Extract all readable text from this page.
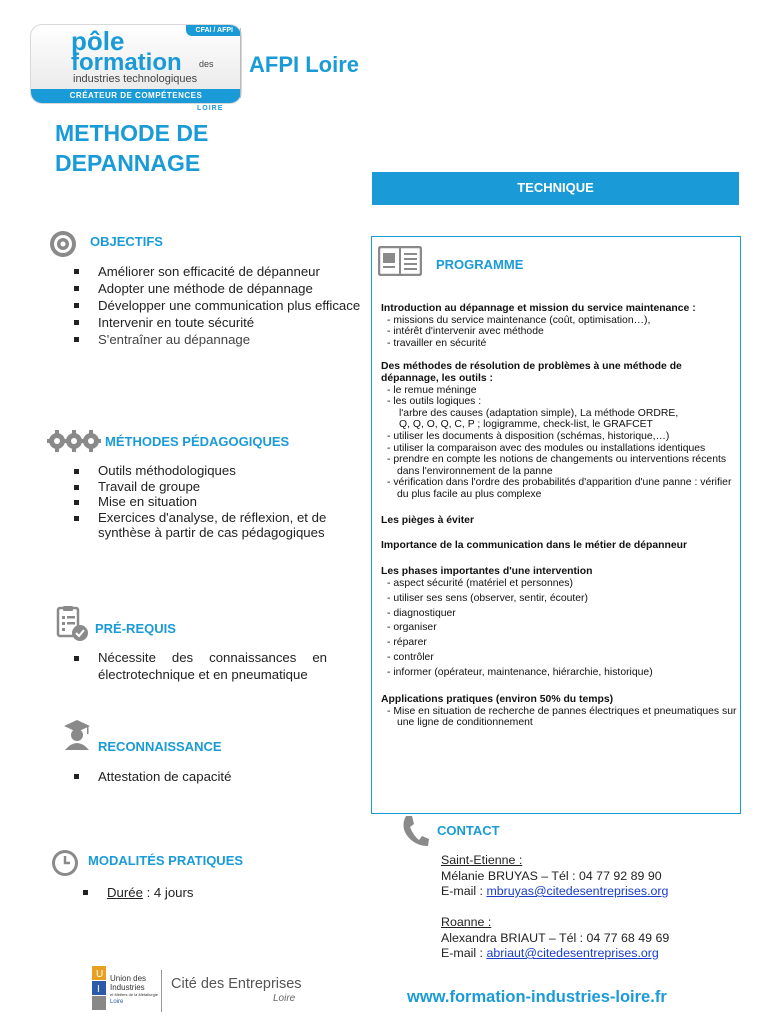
CFAI / AFPI
pôle
formation des
industries technologiques
CRÉATEUR DE COMPÉTENCES
LOIRE
AFPI Loire
METHODE DE
DEPANNAGE
TECHNIQUE
OBJECTIFS
Améliorer son efficacité de dépanneur
Adopter une méthode de dépannage
Développer une communication plus efficace
Intervenir en toute sécurité
S'entraîner au dépannage
MÉTHODES PÉDAGOGIQUES
Outils méthodologiques
Travail de groupe
Mise en situation
Exercices d'analyse, de réflexion, et de synthèse à partir de cas pédagogiques
PRÉ-REQUIS
Nécessite des connaissances en électrotechnique et en pneumatique
RECONNAISSANCE
Attestation de capacité
MODALITÉS PRATIQUES
Durée : 4 jours
PROGRAMME

Introduction au dépannage et mission du service maintenance :

- missions du service maintenance (coût, optimisation…),

- intérêt d'intervenir avec méthode

- travailler en sécurité

Des méthodes de résolution de problèmes à une méthode de dépannage, les outils :

- le remue méninge

- les outils logiques :

l'arbre des causes (adaptation simple), La méthode ORDRE,

Q, Q, O, Q, C, P ; logigramme, check-list, le GRAFCET

- utiliser les documents à disposition (schémas, historique,…)

- utiliser la comparaison avec des modules ou installations identiques

- prendre en compte les notions de changements ou interventions récents dans l'environnement de la panne

- vérification dans l'ordre des probabilités d'apparition d'une panne : vérifier du plus facile au plus complexe

Les pièges à éviter

Importance de la communication dans le métier de dépanneur

Les phases importantes d'une intervention

- aspect sécurité (matériel et personnes)

- utiliser ses sens (observer, sentir, écouter)

- diagnostiquer

- organiser

- réparer

- contrôler

- informer (opérateur, maintenance, hiérarchie, historique)

Applications pratiques (environ 50% du temps)

- Mise en situation de recherche de pannes électriques et pneumatiques sur une ligne de conditionnement

CONTACT

Saint-Etienne :

Mélanie BRUYAS – Tél : 04 77 92 89 90

E-mail : mbruyas@citedesentreprises.org

Roanne :

Alexandra BRIAUT – Tél : 04 77 68 49 69

E-mail : abriaut@citedesentreprises.org

U
I
Union des
Industries
et Métiers de la Métallurgie
Loire
Cité des Entreprises
Loire	www.formation-industries-loire.fr
